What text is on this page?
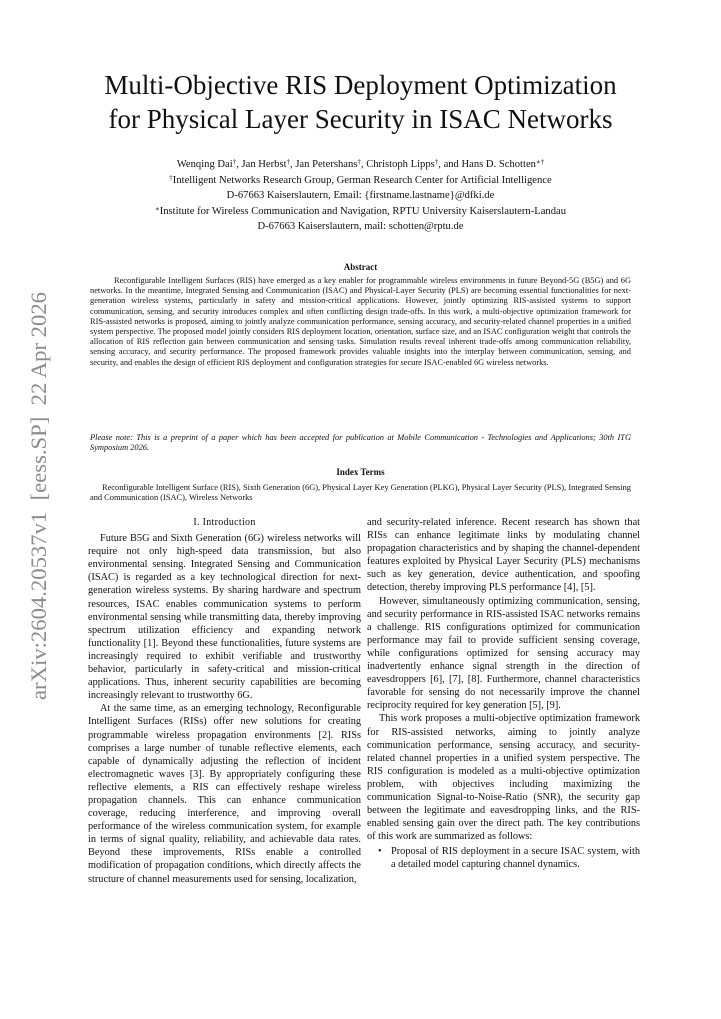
arXiv:2604.20537v1  [eess.SP]  22 Apr 2026
Multi-Objective RIS Deployment Optimization
for Physical Layer Security in ISAC Networks
Wenqing Dai†, Jan Herbst†, Jan Petershans†, Christoph Lipps†, and Hans D. Schotten∗†
†Intelligent Networks Research Group, German Research Center for Artificial Intelligence
D-67663 Kaiserslautern, Email: {firstname.lastname}@dfki.de
∗Institute for Wireless Communication and Navigation, RPTU University Kaiserslautern-Landau
D-67663 Kaiserslautern, mail: schotten@rptu.de
Abstract
Reconfigurable Intelligent Surfaces (RIS) have emerged as a key enabler for programmable wireless environments in future Beyond-5G (B5G) and 6G networks. In the meantime, Integrated Sensing and Communication (ISAC) and Physical-Layer Security (PLS) are becoming essential functionalities for next-generation wireless systems, particularly in safety and mission-critical applications. However, jointly optimizing RIS-assisted systems to support communication, sensing, and security introduces complex and often conflicting design trade-offs. In this work, a multi-objective optimization framework for RIS-assisted networks is proposed, aiming to jointly analyze communication performance, sensing accuracy, and security-related channel properties in a unified system perspective. The proposed model jointly considers RIS deployment location, orientation, surface size, and an ISAC configuration weight that controls the allocation of RIS reflection gain between communication and sensing tasks. Simulation results reveal inherent trade-offs among communication reliability, sensing accuracy, and security performance. The proposed framework provides valuable insights into the interplay between communication, sensing, and security, and enables the design of efficient RIS deployment and configuration strategies for secure ISAC-enabled 6G wireless networks.
Please note: This is a preprint of a paper which has been accepted for publication at Mobile Communication - Technologies and Applications; 30th ITG Symposium 2026.
Index Terms
Reconfigurable Intelligent Surface (RIS), Sixth Generation (6G), Physical Layer Key Generation (PLKG), Physical Layer Security (PLS), Integrated Sensing and Communication (ISAC), Wireless Networks
I. Introduction

Future B5G and Sixth Generation (6G) wireless networks will require not only high-speed data transmission, but also environmental sensing. Integrated Sensing and Communication (ISAC) is regarded as a key technological direction for next-generation wireless systems. By sharing hardware and spectrum resources, ISAC enables communication systems to perform environmental sensing while transmitting data, thereby improving spectrum utilization efficiency and expanding network functionality [1]. Beyond these functionalities, future systems are increasingly required to exhibit verifiable and trustworthy behavior, particularly in safety-critical and mission-critical applications. Thus, inherent security capabilities are becoming increasingly relevant to trustworthy 6G.

At the same time, as an emerging technology, Reconfigurable Intelligent Surfaces (RISs) offer new solutions for creating programmable wireless propagation environments [2]. RISs comprises a large number of tunable reflective elements, each capable of dynamically adjusting the reflection of incident electromagnetic waves [3]. By appropriately configuring these reflective elements, a RIS can effectively reshape wireless propagation channels. This can enhance communication coverage, reducing interference, and improving overall performance of the wireless communication system, for example in terms of signal quality, reliability, and achievable data rates. Beyond these improvements, RISs enable a controlled modification of propagation conditions, which directly affects the structure of channel measurements used for sensing, localization,

and security-related inference. Recent research has shown that RISs can enhance legitimate links by modulating channel propagation characteristics and by shaping the channel-dependent features exploited by Physical Layer Security (PLS) mechanisms such as key generation, device authentication, and spoofing detection, thereby improving PLS performance [4], [5].

However, simultaneously optimizing communication, sensing, and security performance in RIS-assisted ISAC networks remains a challenge. RIS configurations optimized for communication performance may fail to provide sufficient sensing coverage, while configurations optimized for sensing accuracy may inadvertently enhance signal strength in the direction of eavesdroppers [6], [7], [8]. Furthermore, channel characteristics favorable for sensing do not necessarily improve the channel reciprocity required for key generation [5], [9].

This work proposes a multi-objective optimization framework for RIS-assisted networks, aiming to jointly analyze communication performance, sensing accuracy, and security-related channel properties in a unified system perspective. The RIS configuration is modeled as a multi-objective optimization problem, with objectives including maximizing the communication Signal-to-Noise-Ratio (SNR), the security gap between the legitimate and eavesdropping links, and the RIS-enabled sensing gain over the direct path. The key contributions of this work are summarized as follows:

• Proposal of RIS deployment in a secure ISAC system, with a detailed model capturing channel dynamics.
